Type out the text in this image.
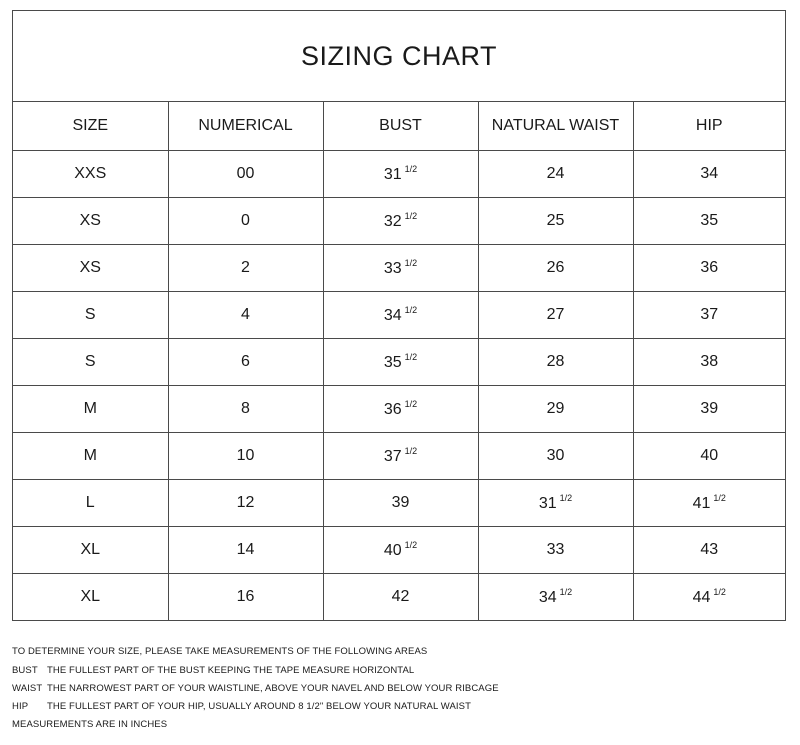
SIZING CHART
SIZE	NUMERICAL	BUST	NATURAL WAIST	HIP
XXS	00	31 $^{1/2}$	24	34
XS	0	32 $^{1/2}$	25	35
XS	2	33 $^{1/2}$	26	36
S	4	34 $^{1/2}$	27	37
S	6	35 $^{1/2}$	28	38
M	8	36 $^{1/2}$	29	39
M	10	37 $^{1/2}$	30	40
L	12	39	31 $^{1/2}$	41 $^{1/2}$
XL	14	40 $^{1/2}$	33	43
XL	16	42	34 $^{1/2}$	44 $^{1/2}$
TO DETERMINE YOUR SIZE, PLEASE TAKE MEASUREMENTS OF THE FOLLOWING AREAS
BUST THE FULLEST PART OF THE BUST KEEPING THE TAPE MEASURE HORIZONTAL
WAIST THE NARROWEST PART OF YOUR WAISTLINE, ABOVE YOUR NAVEL AND BELOW YOUR RIBCAGE
HIP	THE FULLEST PART OF YOUR HIP, USUALLY AROUND 8 1/2" BELOW YOUR NATURAL WAIST
MEASUREMENTS ARE IN INCHES
